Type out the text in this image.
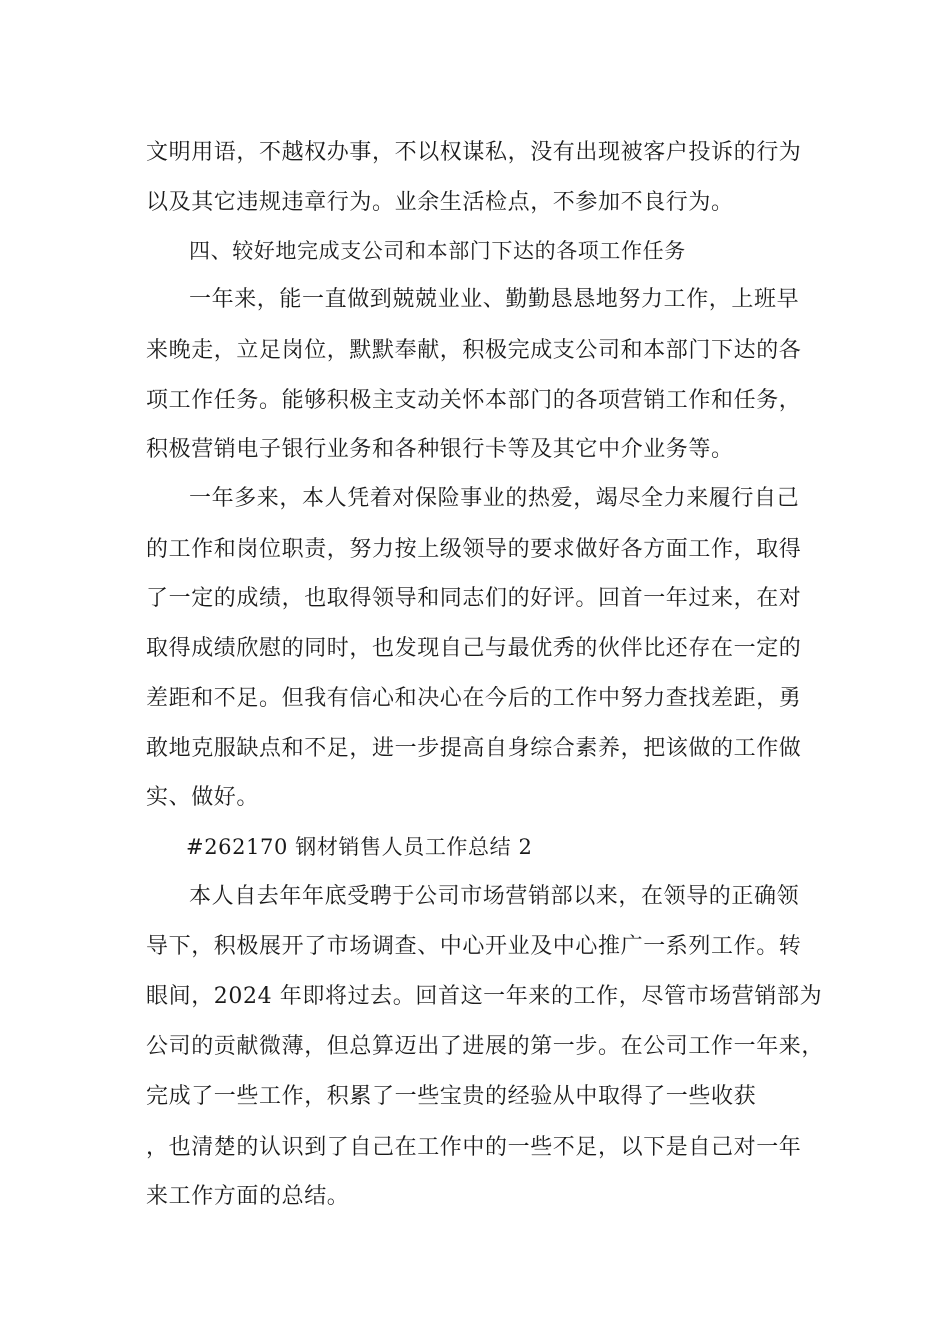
文明用语，不越权办事，不以权谋私，没有出现被客户投诉的行为
以及其它违规违章行为。业余生活检点，不参加不良行为。
四、较好地完成支公司和本部门下达的各项工作任务
一年来，能一直做到兢兢业业、勤勤恳恳地努力工作，上班早
来晚走，立足岗位，默默奉献，积极完成支公司和本部门下达的各
项工作任务。能够积极主支动关怀本部门的各项营销工作和任务，
积极营销电子银行业务和各种银行卡等及其它中介业务等。
一年多来，本人凭着对保险事业的热爱，竭尽全力来履行自己
的工作和岗位职责，努力按上级领导的要求做好各方面工作，取得
了一定的成绩，也取得领导和同志们的好评。回首一年过来，在对
取得成绩欣慰的同时，也发现自己与最优秀的伙伴比还存在一定的
差距和不足。但我有信心和决心在今后的工作中努力查找差距，勇
敢地克服缺点和不足，进一步提高自身综合素养，把该做的工作做
实、做好。
#262170 钢材销售人员工作总结 2
本人自去年年底受聘于公司市场营销部以来，在领导的正确领
导下，积极展开了市场调查、中心开业及中心推广一系列工作。转
眼间，2024 年即将过去。回首这一年来的工作，尽管市场营销部为
公司的贡献微薄，但总算迈出了进展的第一步。在公司工作一年来，
完成了一些工作，积累了一些宝贵的经验从中取得了一些收获
，也清楚的认识到了自己在工作中的一些不足，以下是自己对一年
来工作方面的总结。
